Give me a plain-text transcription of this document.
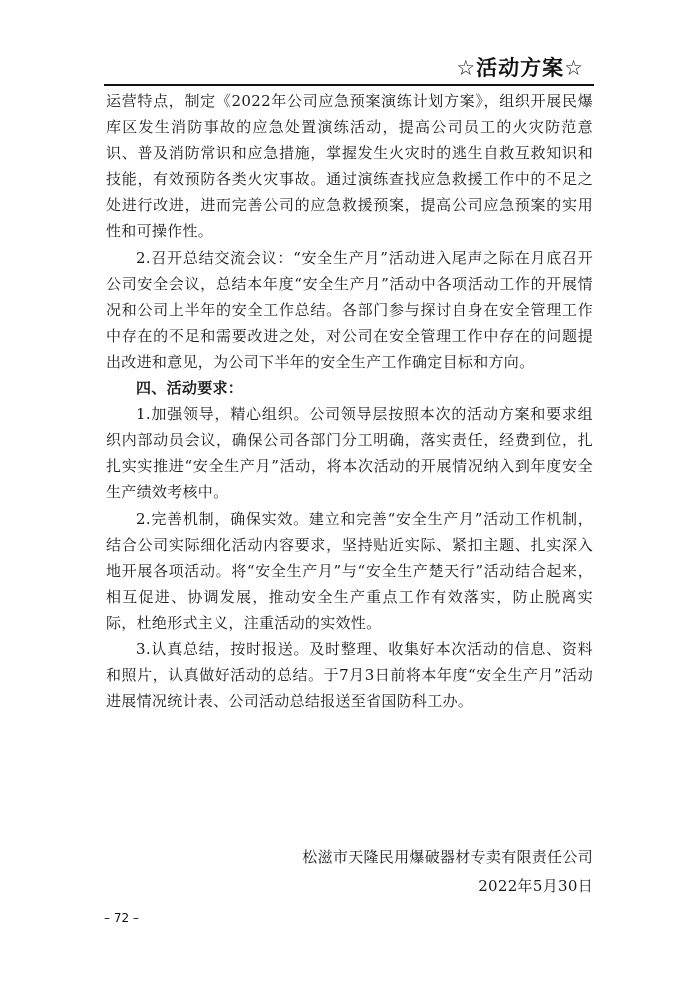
☆活动方案☆

运营特点，制定《2022年公司应急预案演练计划方案》，组织开展民爆库区发生消防事故的应急处置演练活动，提高公司员工的火灾防范意识、普及消防常识和应急措施，掌握发生火灾时的逃生自救互救知识和技能，有效预防各类火灾事故。通过演练查找应急救援工作中的不足之处进行改进，进而完善公司的应急救援预案，提高公司应急预案的实用性和可操作性。

2.召开总结交流会议：“安全生产月”活动进入尾声之际在月底召开公司安全会议，总结本年度“安全生产月”活动中各项活动工作的开展情况和公司上半年的安全工作总结。各部门参与探讨自身在安全管理工作中存在的不足和需要改进之处，对公司在安全管理工作中存在的问题提出改进和意见，为公司下半年的安全生产工作确定目标和方向。

四、活动要求：

1.加强领导，精心组织。公司领导层按照本次的活动方案和要求组织内部动员会议，确保公司各部门分工明确，落实责任，经费到位，扎扎实实推进“安全生产月”活动，将本次活动的开展情况纳入到年度安全生产绩效考核中。

2.完善机制，确保实效。建立和完善“安全生产月”活动工作机制，结合公司实际细化活动内容要求，坚持贴近实际、紧扣主题、扎实深入地开展各项活动。将“安全生产月”与“安全生产楚天行”活动结合起来，相互促进、协调发展，推动安全生产重点工作有效落实，防止脱离实际，杜绝形式主义，注重活动的实效性。

3.认真总结，按时报送。及时整理、收集好本次活动的信息、资料和照片，认真做好活动的总结。于7月3日前将本年度“安全生产月”活动进展情况统计表、公司活动总结报送至省国防科工办。

松滋市天隆民用爆破器材专卖有限责任公司
2022年5月30日
– 72 –
